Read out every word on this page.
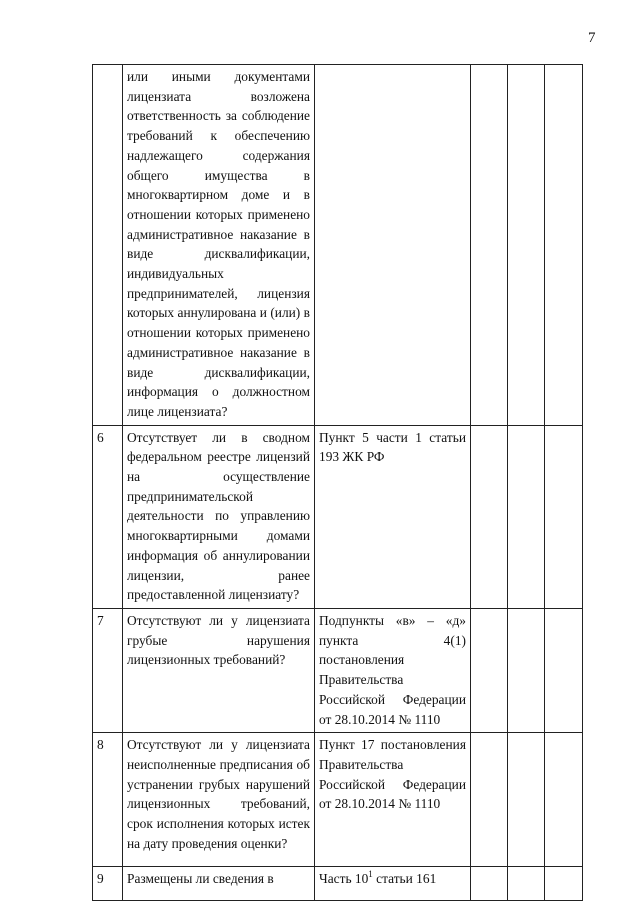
7
	или иными документами лицензиата возложена ответственность за соблюдение требований к обеспечению надлежащего содержания общего имущества в многоквартирном доме и в отношении которых применено административное наказание в виде дисквалификации, индивидуальных предпринимателей, лицензия которых аннулирована и (или) в отношении которых применено административное наказание в виде дисквалификации, информация о должностном лице лицензиата?				
6	Отсутствует ли в сводном федеральном реестре лицензий на осуществление предпринимательской деятельности по управлению многоквартирными домами информация об аннулировании лицензии, ранее предоставленной лицензиату?	Пункт 5 части 1 статьи 193 ЖК РФ			
7	Отсутствуют ли у лицензиата грубые нарушения лицензионных требований?	Подпункты «в» – «д» пункта 4(1) постановления Правительства Российской Федерации от 28.10.2014 № 1110			
8	Отсутствуют ли у лицензиата неисполненные предписания об устранении грубых нарушений лицензионных требований, срок исполнения которых истек на дату проведения оценки?	Пункт 17 постановления Правительства Российской Федерации от 28.10.2014 № 1110			
9	Размещены ли сведения в	Часть $10^1$ статьи 161			
